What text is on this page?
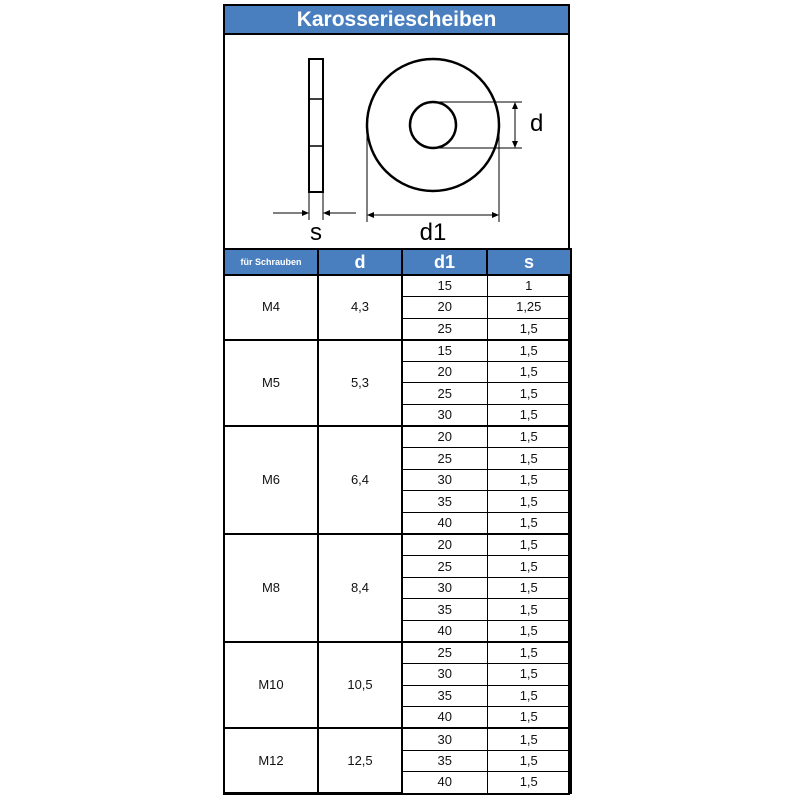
Karosseriescheiben
s
d
d1
für Schrauben	d	d1	s
M4	4,3	15	1
		20	1,25
		25	1,5
M5	5,3	15	1,5
		20	1,5
		25	1,5
		30	1,5
M6	6,4	20	1,5
		25	1,5
		30	1,5
		35	1,5
		40	1,5
M8	8,4	20	1,5
		25	1,5
		30	1,5
		35	1,5
		40	1,5
M10	10,5	25	1,5
		30	1,5
		35	1,5
		40	1,5
M12	12,5	30	1,5
		35	1,5
		40	1,5
